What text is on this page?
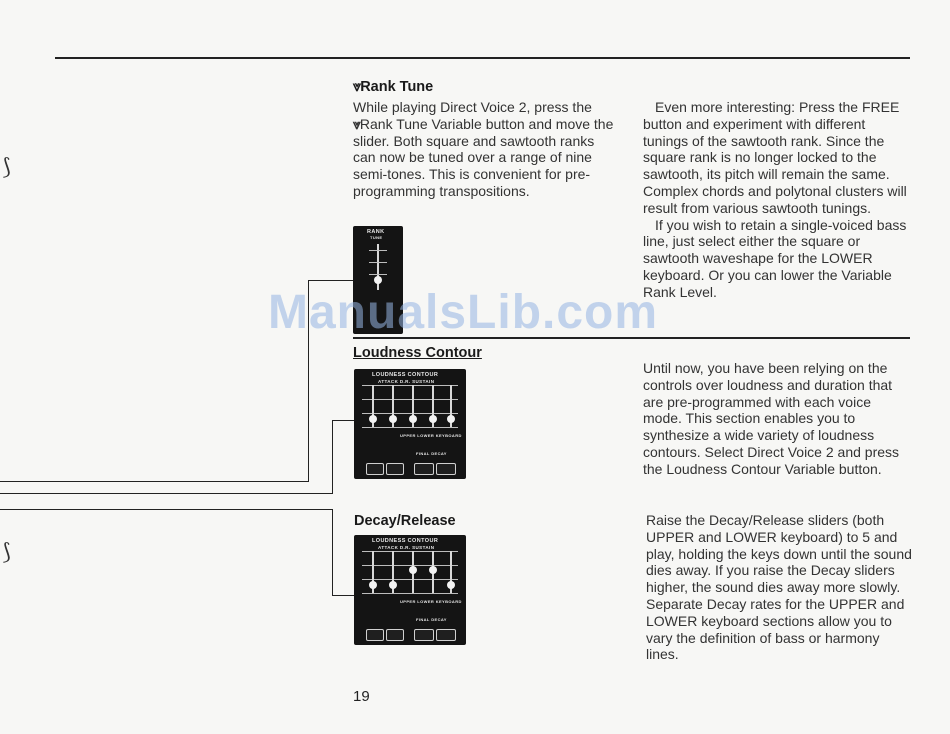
⟆
⟆
⩔Rank Tune

While playing Direct Voice 2, press the ⩔Rank Tune Variable button and move the slider. Both square and sawtooth ranks can now be tuned over a range of nine semi-tones. This is convenient for pre-programming transpositions.

Even more interesting: Press the FREE button and experiment with different tunings of the sawtooth rank. Since the square rank is no longer locked to the sawtooth, its pitch will remain the same. Complex chords and polytonal clusters will result from various sawtooth tunings.

If you wish to retain a single-voiced bass line, just select either the square or sawtooth waveshape for the LOWER keyboard. Or you can lower the Variable Rank Level.

RANK
TUNE
Loudness Contour
Until now, you have been relying on the controls over loudness and duration that are pre-programmed with each voice mode. This section enables you to synthesize a wide variety of loudness contours. Select Direct Voice 2 and press the Loudness Contour Variable button.
LOUDNESS CONTOUR
ATTACK D.R. SUSTAIN
UPPER LOWER KEYBOARD
FINAL DECAY
Decay/Release	Raise the Decay/Release sliders (both UPPER and LOWER keyboard) to 5 and play, holding the keys down until the sound dies away. If you raise the Decay sliders higher, the sound dies away more slowly. Separate Decay rates for the UPPER and LOWER keyboard sections allow you to vary the definition of bass or harmony lines.
LOUDNESS CONTOUR
ATTACK D.R. SUSTAIN
UPPER LOWER KEYBOARD
FINAL DECAY
ManualsLib.com
19
